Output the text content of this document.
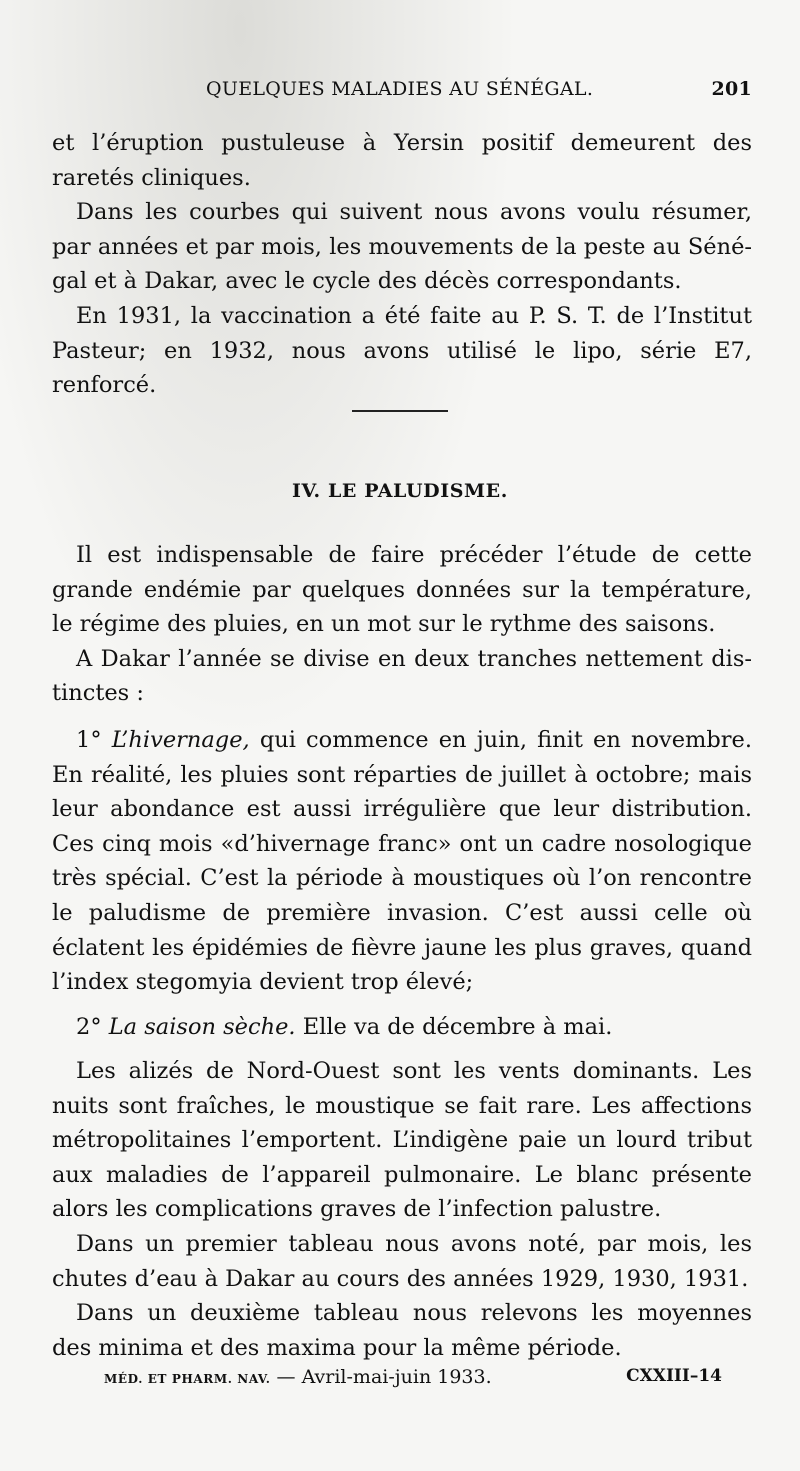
QUELQUES MALADIES AU SÉNÉGAL.	201

et l’éruption pustuleuse à Yersin positif demeurent des raretés cliniques.

Dans les courbes qui suivent nous avons voulu résumer, par années et par mois, les mouvements de la peste au Sénégal et à Dakar, avec le cycle des décès correspondants.

En 1931, la vaccination a été faite au P. S. T. de l’Institut Pasteur; en 1932, nous avons utilisé le lipo, série E7, renforcé.

IV. LE PALUDISME.

Il est indispensable de faire précéder l’étude de cette grande endémie par quelques données sur la température, le régime des pluies, en un mot sur le rythme des saisons.

A Dakar l’année se divise en deux tranches nettement distinctes :

1° L’hivernage, qui commence en juin, finit en novembre. En réalité, les pluies sont réparties de juillet à octobre; mais leur abondance est aussi irrégulière que leur distribution. Ces cinq mois «d’hivernage franc» ont un cadre nosologique très spécial. C’est la période à moustiques où l’on rencontre le paludisme de première invasion. C’est aussi celle où éclatent les épidémies de fièvre jaune les plus graves, quand l’index stegomyia devient trop élevé;

2° La saison sèche. Elle va de décembre à mai.

Les alizés de Nord-Ouest sont les vents dominants. Les nuits sont fraîches, le moustique se fait rare. Les affections métropolitaines l’emportent. L’indigène paie un lourd tribut aux maladies de l’appareil pulmonaire. Le blanc présente alors les complications graves de l’infection palustre.

Dans un premier tableau nous avons noté, par mois, les chutes d’eau à Dakar au cours des années 1929, 1930, 1931.

Dans un deuxième tableau nous relevons les moyennes des minima et des maxima pour la même période.

MÉD. ET PHARM. NAV. — Avril-mai-juin 1933.	CXXIII–14
